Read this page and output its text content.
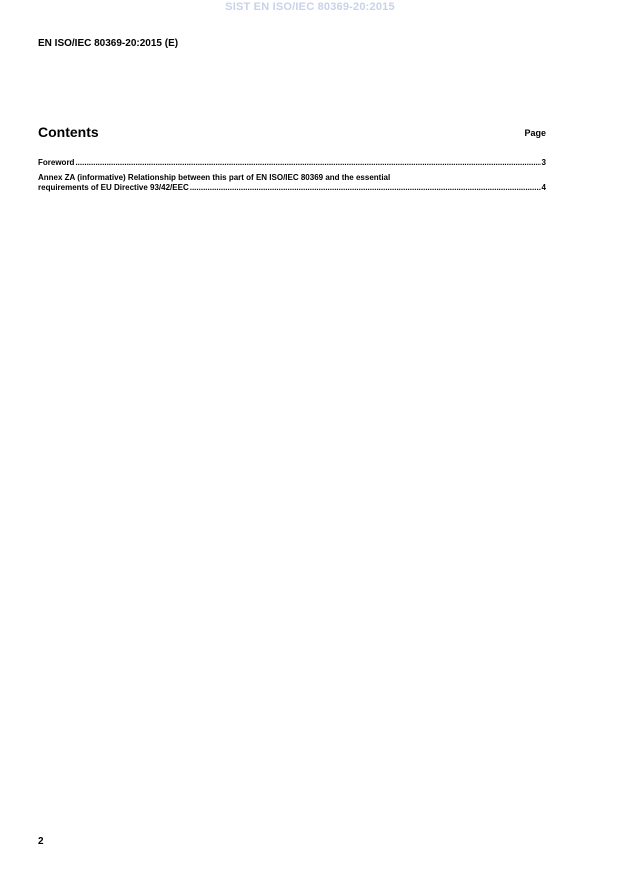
SIST EN ISO/IEC 80369-20:2015
EN ISO/IEC 80369-20:2015 (E)
Contents	Page
Foreword .....	3
Annex ZA (informative) Relationship between this part of EN ISO/IEC 80369 and the essential
requirements of EU Directive 93/42/EEC .....	4
2
